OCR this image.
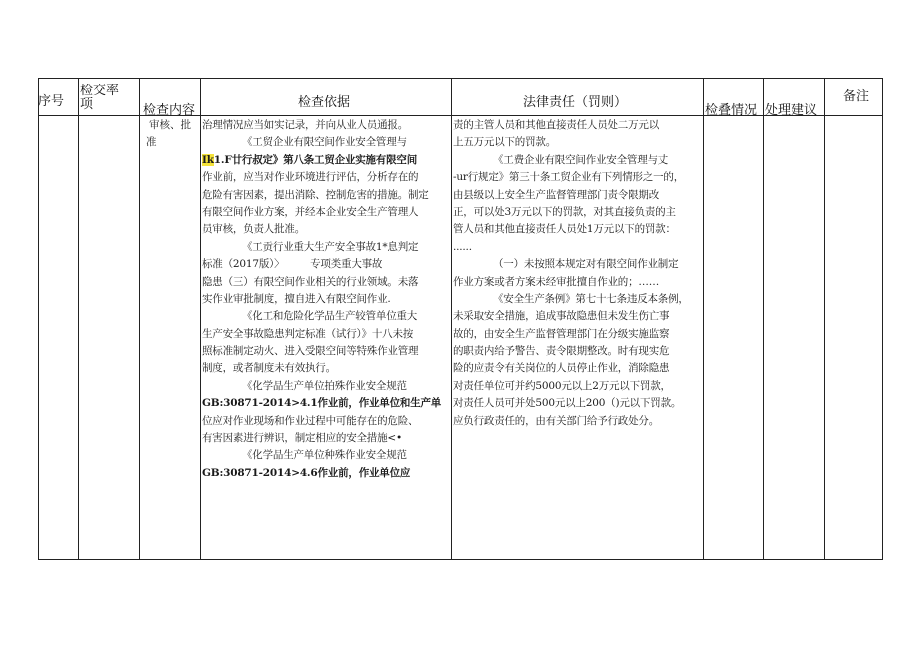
序号
检交率
项	检查内容
检查依据	法律责任（罚则）
检叠情况 处理建议
备注
审核、批
准
治理情况应当如实记录，并向从业人员通报。
《工贸企业有限空间作业安全管理与
Ik1.F廿行叔定》第八条工贸企业实施有限空间
作业前，应当对作业环境进行评估，分析存在的
危险有害因素，提出消除、控制危害的措施。制定
有限空间作业方案，并经本企业安全生产管理人
员审核，负责人批准。
《工贡行业重大生产安全事故1*息判定
标准（2017版）〉　　　专项类重大事故
隐患（三）有限空间作业相关的行业领域。未落
实作业审批制度，擅自进入有限空间作业.
《化工和危险化学品生产较管单位重大
生产安全事故隐患判定标准（试行）》十八未按
照标准制定动火、进入受限空间等特殊作业管理
制度，或者制度未有效执行。
《化学品生产单位拍殊作业安全规范
GB:30871-2014>4.1作业前，作业单位和生产单
位应对作业现场和作业过程中可能存在的危险、
有害因素进行辨识，制定相应的安全措施<•
《化学品生产单位种殊作业安全规范
GB:30871-2014>4.6作业前，作业单位应
责的主管人员和其他直接责任人员处二万元以
上五万元以下的罚款。
《工费企业有限空间作业安全管理与丈
-ur行规定》第三十条工贸企业有下列情形之一的，
由县级以上安全生产监督管理部门责令限期改
正，可以处3万元以下的罚款，对其直接负责的主
管人员和其他直接责任人员处1万元以下的罚款：
......
（一）未按照本规定对有限空间作业制定
作业方案或者方案未经审批擅自作业的；……
《安全生产条例》第七十七条违反本条例，
未采取安全措施，追成事故隐患但未发生伤亡事
故的，由安全生产监督管理部门在分级实施监察
的职责内给予警告、责令限期整改。时有现实危
险的应责令有关岗位的人员停止作业，消除隐患
对责任单位可并约5000元以上2万元以下罚款，
对责任人员可并处500元以上200（)元以下罚款。
应负行政责任的，由有关部门给予行政处分。
